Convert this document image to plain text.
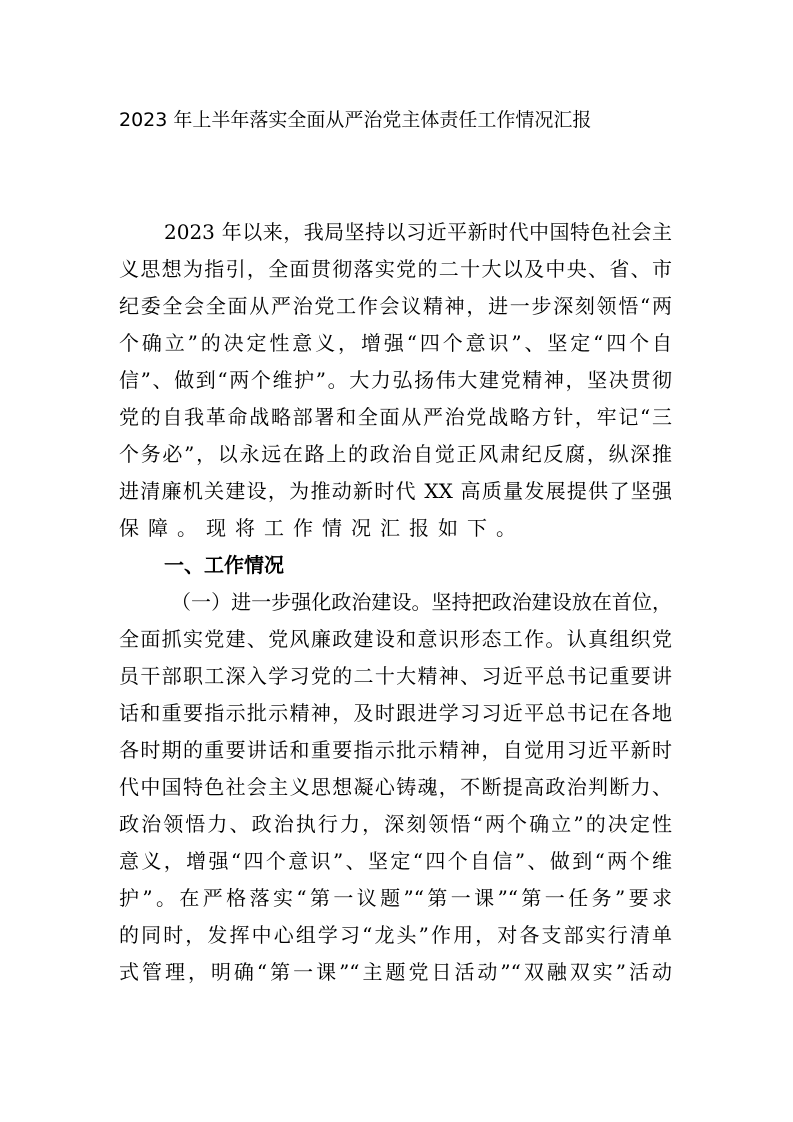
2023 年上半年落实全面从严治党主体责任工作情况汇报
2023 年以来，我局坚持以习近平新时代中国特色社会主
义思想为指引，全面贯彻落实党的二十大以及中央、省、市
纪委全会全面从严治党工作会议精神，进一步深刻领悟“两
个确立”的决定性意义，增强“四个意识”、坚定“四个自
信”、做到“两个维护”。大力弘扬伟大建党精神，坚决贯彻
党的自我革命战略部署和全面从严治党战略方针，牢记“三
个务必”，以永远在路上的政治自觉正风肃纪反腐，纵深推
进清廉机关建设，为推动新时代 XX 高质量发展提供了坚强
保障。现将工作情况汇报如下。
一、工作情况
（一）进一步强化政治建设。坚持把政治建设放在首位，
全面抓实党建、党风廉政建设和意识形态工作。认真组织党
员干部职工深入学习党的二十大精神、习近平总书记重要讲
话和重要指示批示精神，及时跟进学习习近平总书记在各地
各时期的重要讲话和重要指示批示精神，自觉用习近平新时
代中国特色社会主义思想凝心铸魂，不断提高政治判断力、
政治领悟力、政治执行力，深刻领悟“两个确立”的决定性
意义，增强“四个意识”、坚定“四个自信”、做到“两个维
护”。在严格落实“第一议题”“第一课”“第一任务”要求
的同时，发挥中心组学习“龙头”作用，对各支部实行清单
式管理，明确“第一课”“主题党日活动”“双融双实”活动
